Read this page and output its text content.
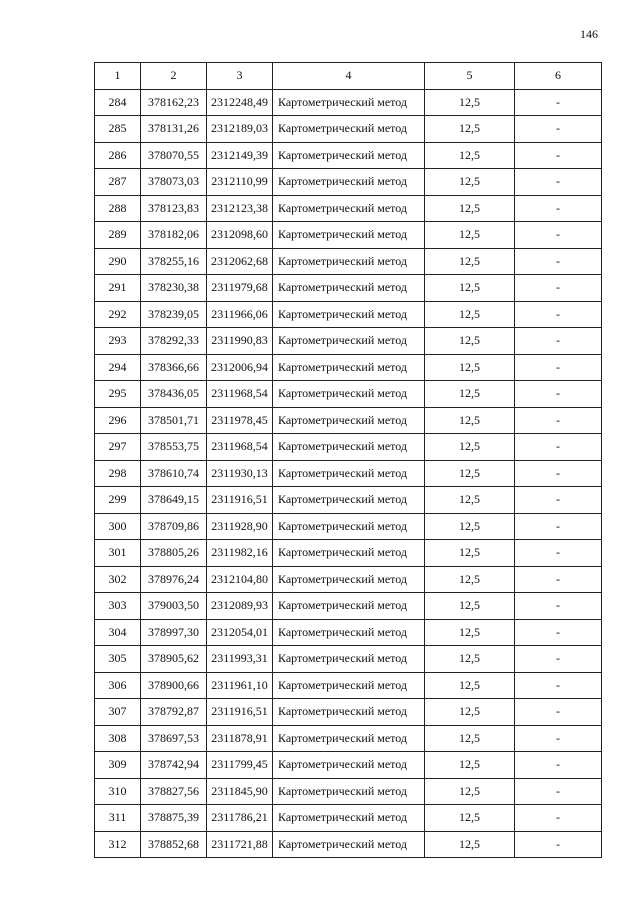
146
1	2	3	4	5	6
284	378162,23	2312248,49	Картометрический метод	12,5	-
285	378131,26	2312189,03	Картометрический метод	12,5	-
286	378070,55	2312149,39	Картометрический метод	12,5	-
287	378073,03	2312110,99	Картометрический метод	12,5	-
288	378123,83	2312123,38	Картометрический метод	12,5	-
289	378182,06	2312098,60	Картометрический метод	12,5	-
290	378255,16	2312062,68	Картометрический метод	12,5	-
291	378230,38	2311979,68	Картометрический метод	12,5	-
292	378239,05	2311966,06	Картометрический метод	12,5	-
293	378292,33	2311990,83	Картометрический метод	12,5	-
294	378366,66	2312006,94	Картометрический метод	12,5	-
295	378436,05	2311968,54	Картометрический метод	12,5	-
296	378501,71	2311978,45	Картометрический метод	12,5	-
297	378553,75	2311968,54	Картометрический метод	12,5	-
298	378610,74	2311930,13	Картометрический метод	12,5	-
299	378649,15	2311916,51	Картометрический метод	12,5	-
300	378709,86	2311928,90	Картометрический метод	12,5	-
301	378805,26	2311982,16	Картометрический метод	12,5	-
302	378976,24	2312104,80	Картометрический метод	12,5	-
303	379003,50	2312089,93	Картометрический метод	12,5	-
304	378997,30	2312054,01	Картометрический метод	12,5	-
305	378905,62	2311993,31	Картометрический метод	12,5	-
306	378900,66	2311961,10	Картометрический метод	12,5	-
307	378792,87	2311916,51	Картометрический метод	12,5	-
308	378697,53	2311878,91	Картометрический метод	12,5	-
309	378742,94	2311799,45	Картометрический метод	12,5	-
310	378827,56	2311845,90	Картометрический метод	12,5	-
311	378875,39	2311786,21	Картометрический метод	12,5	-
312	378852,68	2311721,88	Картометрический метод	12,5	-
